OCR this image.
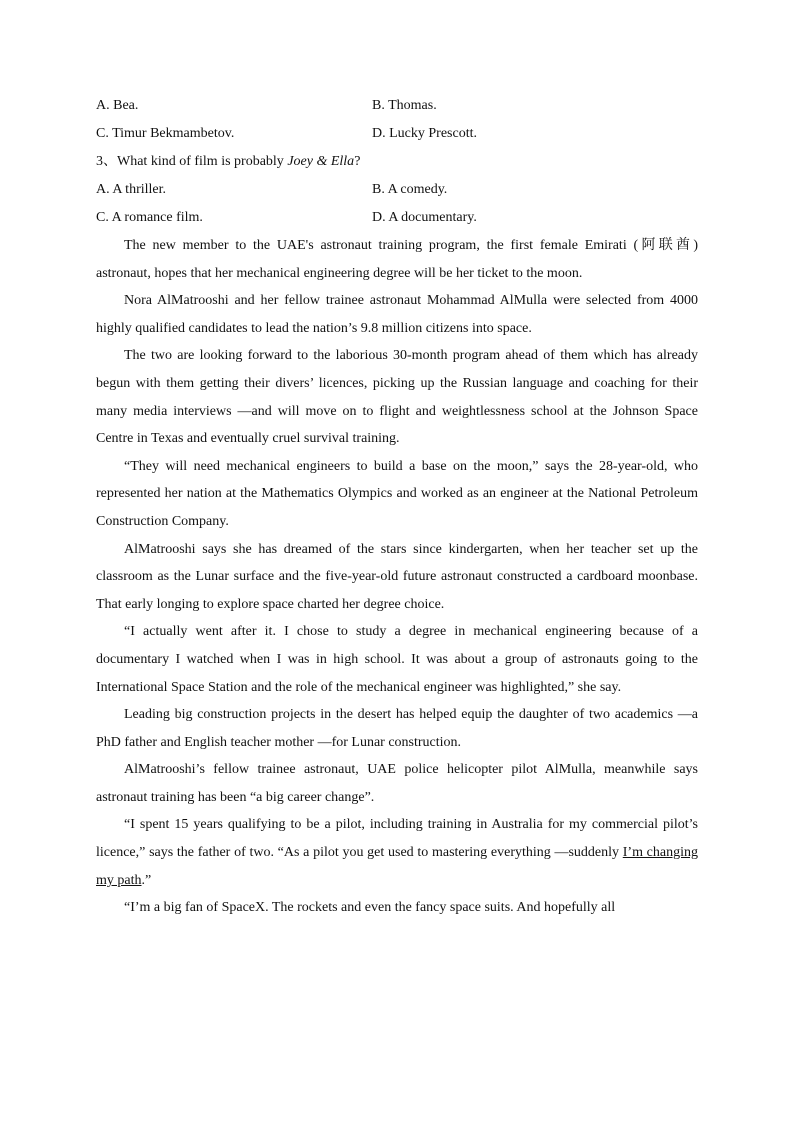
A. Bea.	B. Thomas.
C. Timur Bekmambetov.	D. Lucky Prescott.
3、What kind of film is probably Joey & Ella?
A. A thriller.	B. A comedy.
C. A romance film.	D. A documentary.

The new member to the UAE's astronaut training program, the first female Emirati (阿联酋) astronaut, hopes that her mechanical engineering degree will be her ticket to the moon.

Nora AlMatrooshi and her fellow trainee astronaut Mohammad AlMulla were selected from 4000 highly qualified candidates to lead the nation’s 9.8 million citizens into space.

The two are looking forward to the laborious 30-month program ahead of them which has already begun with them getting their divers’ licences, picking up the Russian language and coaching for their many media interviews —and will move on to flight and weightlessness school at the Johnson Space Centre in Texas and eventually cruel survival training.

“They will need mechanical engineers to build a base on the moon,” says the 28-year-old, who represented her nation at the Mathematics Olympics and worked as an engineer at the National Petroleum Construction Company.

AlMatrooshi says she has dreamed of the stars since kindergarten, when her teacher set up the classroom as the Lunar surface and the five-year-old future astronaut constructed a cardboard moonbase. That early longing to explore space charted her degree choice.

“I actually went after it. I chose to study a degree in mechanical engineering because of a documentary I watched when I was in high school. It was about a group of astronauts going to the International Space Station and the role of the mechanical engineer was highlighted,” she say.

Leading big construction projects in the desert has helped equip the daughter of two academics —a PhD father and English teacher mother —for Lunar construction.

AlMatrooshi’s fellow trainee astronaut, UAE police helicopter pilot AlMulla, meanwhile says astronaut training has been “a big career change”.

“I spent 15 years qualifying to be a pilot, including training in Australia for my commercial pilot’s licence,” says the father of two. “As a pilot you get used to mastering everything —suddenly I’m changing my path.”

“I’m a big fan of SpaceX. The rockets and even the fancy space suits. And hopefully all
